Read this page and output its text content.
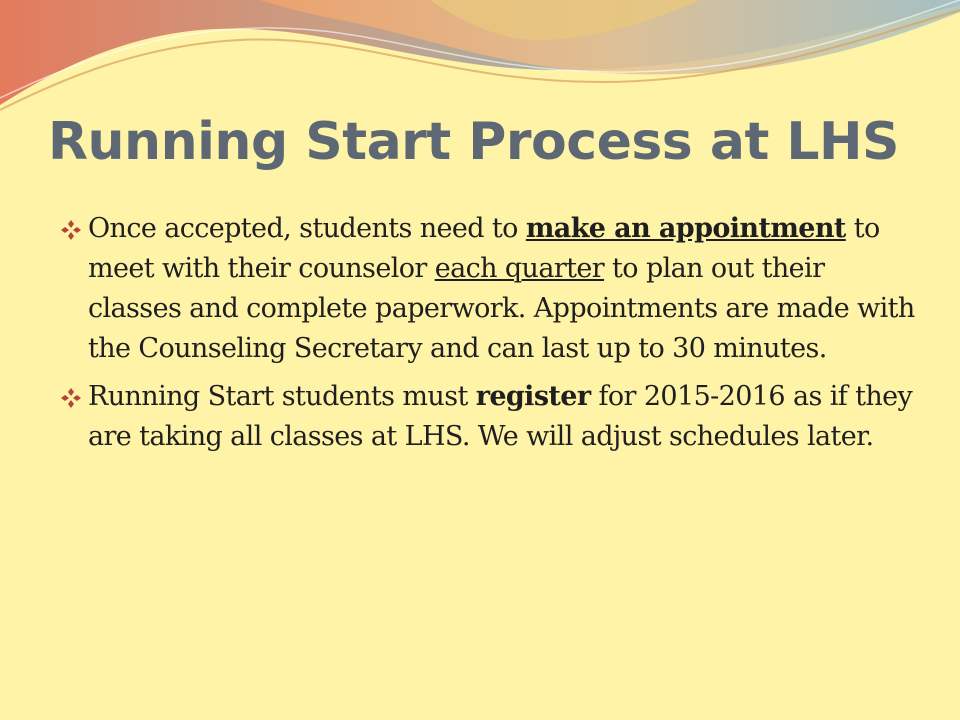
Running Start Process at LHS
Once accepted, students need to make an appointment to meet with their counselor each quarter to plan out their classes and complete paperwork. Appointments are made with the Counseling Secretary and can last up to 30 minutes.
Running Start students must register for 2015-2016 as if they are taking all classes at LHS. We will adjust schedules later.
